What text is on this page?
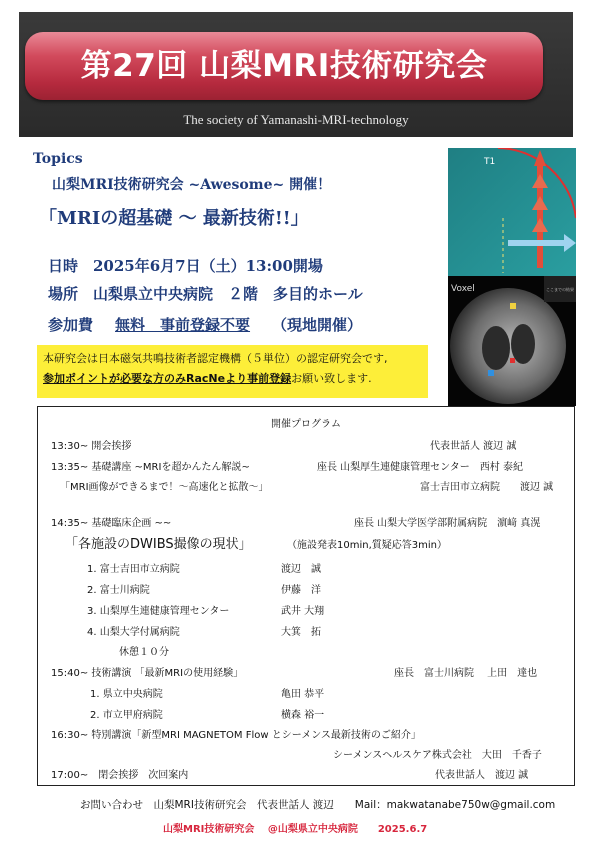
第27回 山梨MRI技術研究会
The society of Yamanashi-MRI-technology
Topics
山梨MRI技術研究会 ~Awesome~ 開催！
「MRIの超基礎 〜 最新技術!!」
日時　2025年6月7日（土）13:00開場
場所　山梨県立中央病院　２階　多目的ホール
参加費 無料　事前登録不要 （現地開催）
T1
ここまでの結果
Voxel
本研究会は日本磁気共鳴技術者認定機構（５単位）の認定研究会です,
参加ポイントが必要な方のみRacNeより事前登録お願い致します.
開催プログラム
13:30~ 開会挨拶	代表世話人 渡辺 誠
13:35~ 基礎講座 ~MRIを超かんたん解説~	座長 山梨厚生連健康管理センター　西村 泰紀
「MRI画像ができるまで！〜高速化と拡散〜」	富士吉田市立病院　　渡辺 誠
14:35~ 基礎臨床企画 ~~	座長 山梨大学医学部附属病院　濵﨑 真滉
「各施設のDWIBS撮像の現状」	（施設発表10min,質疑応答3min）
1. 富士吉田市立病院	渡辺　誠
2. 富士川病院	伊藤　洋
3. 山梨厚生連健康管理センター	武井 大翔
4. 山梨大学付属病院	大箕　拓
休憩１０分
15:40~ 技術講演 「最新MRIの使用経験」	座長　富士川病院　 上田　達也
1. 県立中央病院	亀田 恭平
2. 市立甲府病院	横森 裕一
16:30~ 特別講演「新型MRI MAGNETOM Flow とシーメンス最新技術のご紹介」
シーメンスヘルスケア株式会社　大田　千香子
17:00~　閉会挨拶　次回案内	代表世話人　渡辺 誠
お問い合わせ　山梨MRI技術研究会　代表世話人 渡辺　　Mail：makwatanabe750w@gmail.com
山梨MRI技術研究会　 @山梨県立中央病院　　2025.6.7
